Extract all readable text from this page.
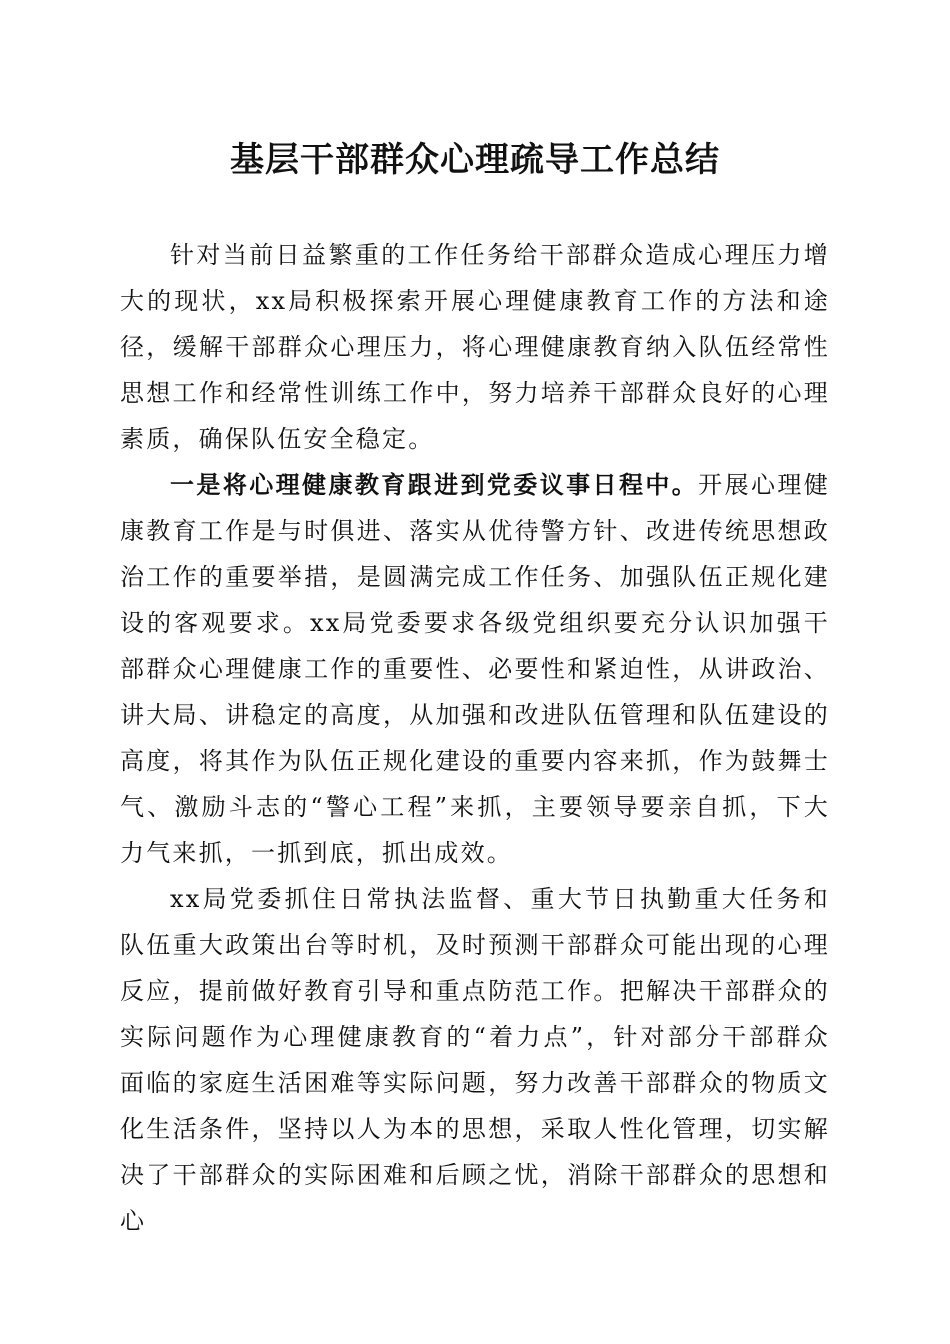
基层干部群众心理疏导工作总结

针对当前日益繁重的工作任务给干部群众造成心理压力增大的现状，xx局积极探索开展心理健康教育工作的方法和途径，缓解干部群众心理压力，将心理健康教育纳入队伍经常性思想工作和经常性训练工作中，努力培养干部群众良好的心理素质，确保队伍安全稳定。

一是将心理健康教育跟进到党委议事日程中。开展心理健康教育工作是与时俱进、落实从优待警方针、改进传统思想政治工作的重要举措，是圆满完成工作任务、加强队伍正规化建设的客观要求。xx局党委要求各级党组织要充分认识加强干部群众心理健康工作的重要性、必要性和紧迫性，从讲政治、讲大局、讲稳定的高度，从加强和改进队伍管理和队伍建设的高度，将其作为队伍正规化建设的重要内容来抓，作为鼓舞士气、激励斗志的“警心工程”来抓，主要领导要亲自抓，下大力气来抓，一抓到底，抓出成效。

xx局党委抓住日常执法监督、重大节日执勤重大任务和队伍重大政策出台等时机，及时预测干部群众可能出现的心理反应，提前做好教育引导和重点防范工作。把解决干部群众的实际问题作为心理健康教育的“着力点”，针对部分干部群众面临的家庭生活困难等实际问题，努力改善干部群众的物质文化生活条件，坚持以人为本的思想，采取人性化管理，切实解决了干部群众的实际困难和后顾之忧，消除干部群众的思想和心
